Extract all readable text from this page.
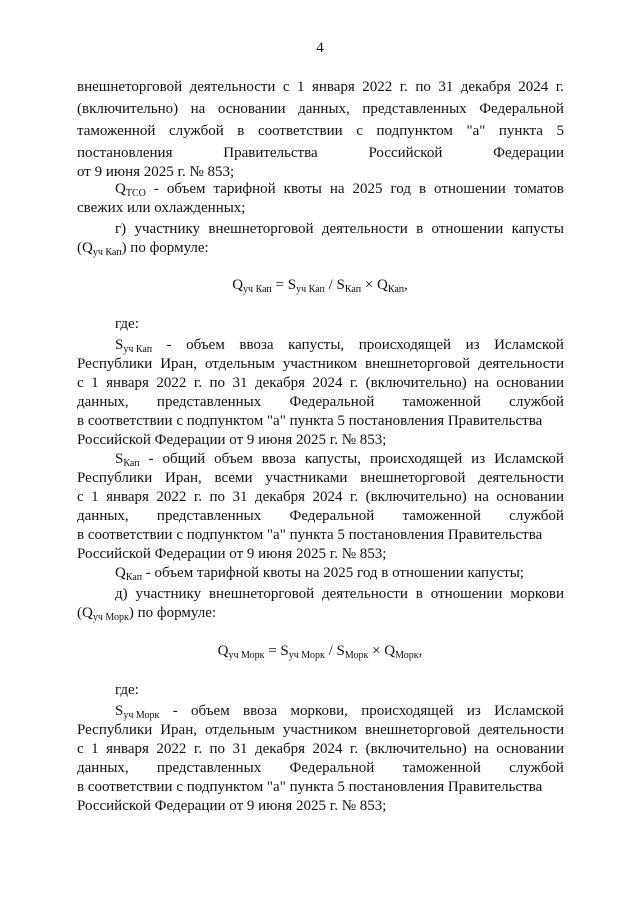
4
внешнеторговой деятельности с 1 января 2022 г. по 31 декабря 2024 г.
(включительно) на основании данных, представленных Федеральной
таможенной службой в соответствии с подпунктом "а" пункта 5
постановления	Правительства	Российской	Федерации
от 9 июня 2025 г. № 853;
$Q_{TCO}$ - объем тарифной квоты на 2025 год в отношении томатов
свежих или охлажденных;
г) участнику внешнеторговой деятельности в отношении капусты
$(Q_{уч Кап})$ по формуле:
$Q_{уч Кап} = S_{уч Кап} / S_{Кап} \times Q_{Кап}$,
где:
$S_{уч Кап}$ - объем ввоза капусты, происходящей из Исламской
Республики Иран, отдельным участником внешнеторговой деятельности
с 1 января 2022 г. по 31 декабря 2024 г. (включительно) на основании
данных, представленных Федеральной таможенной службой
в соответствии с подпунктом "а" пункта 5 постановления Правительства
Российской Федерации от 9 июня 2025 г. № 853;
$S_{Кап}$ - общий объем ввоза капусты, происходящей из Исламской
Республики Иран, всеми участниками внешнеторговой деятельности
с 1 января 2022 г. по 31 декабря 2024 г. (включительно) на основании
данных, представленных Федеральной таможенной службой
в соответствии с подпунктом "а" пункта 5 постановления Правительства
Российской Федерации от 9 июня 2025 г. № 853;
$Q_{Кап}$ - объем тарифной квоты на 2025 год в отношении капусты;
д) участнику внешнеторговой деятельности в отношении моркови
$(Q_{уч Морк})$ по формуле:
$Q_{уч Морк} = S_{уч Морк} / S_{Морк} \times Q_{Морк}$,
где:
$S_{уч Морк}$ - объем ввоза моркови, происходящей из Исламской
Республики Иран, отдельным участником внешнеторговой деятельности
с 1 января 2022 г. по 31 декабря 2024 г. (включительно) на основании
данных, представленных Федеральной таможенной службой
в соответствии с подпунктом "а" пункта 5 постановления Правительства
Российской Федерации от 9 июня 2025 г. № 853;
